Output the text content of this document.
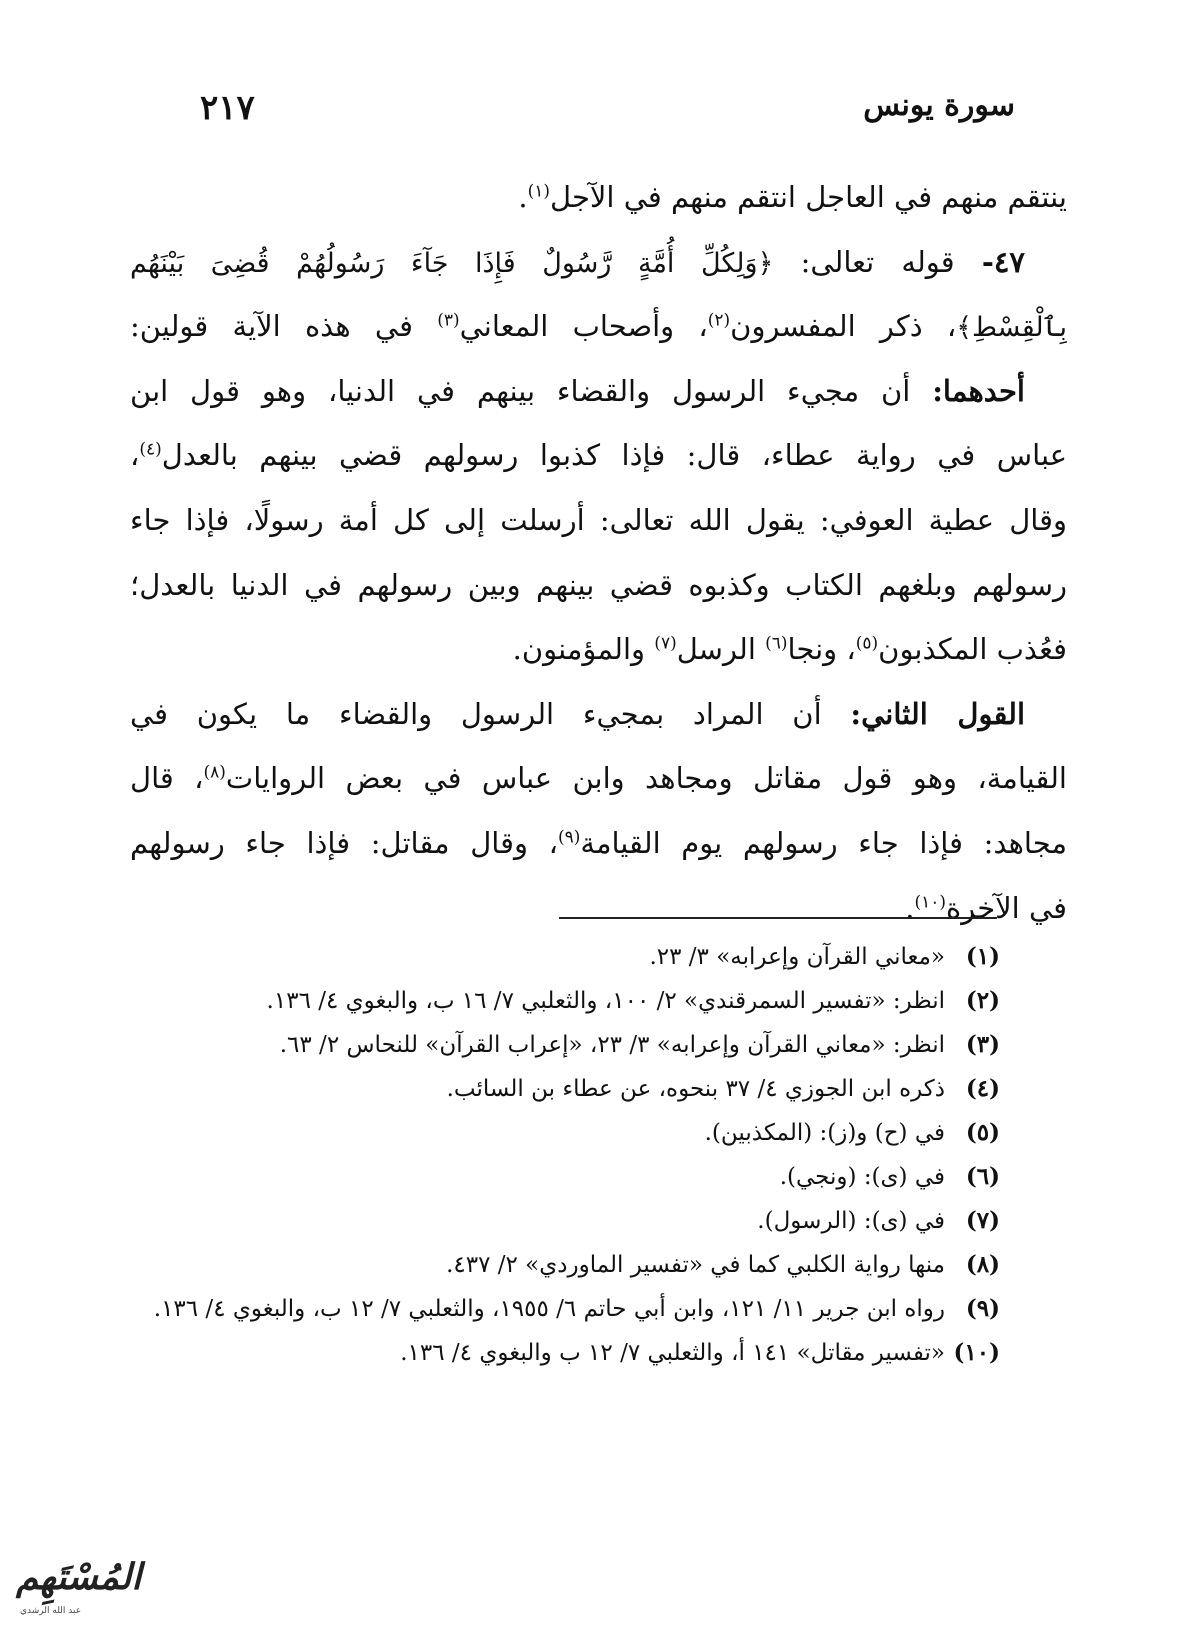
سورة يونس
٢١٧
ينتقم منهم في العاجل انتقم منهم في الآجل$^{(١)}$.
٤٧- قوله تعالى: ﴿وَلِكُلِّ أُمَّةٍ رَّسُولٌ فَإِذَا جَآءَ رَسُولُهُمْ قُضِىَ بَيْنَهُم
بِٱلْقِسْطِ﴾، ذكر المفسرون$^{(٢)}$، وأصحاب المعاني$^{(٣)}$ في هذه الآية قولين:
أحدهما: أن مجيء الرسول والقضاء بينهم في الدنيا، وهو قول ابن
عباس في رواية عطاء، قال: فإذا كذبوا رسولهم قضي بينهم بالعدل$^{(٤)}$،
وقال عطية العوفي: يقول الله تعالى: أرسلت إلى كل أمة رسولًا، فإذا جاء
رسولهم وبلغهم الكتاب وكذبوه قضي بينهم وبين رسولهم في الدنيا بالعدل؛
فعُذب المكذبون$^{(٥)}$، ونجا$^{(٦)}$ الرسل$^{(٧)}$ والمؤمنون.
القول الثاني: أن المراد بمجيء الرسول والقضاء ما يكون في
القيامة، وهو قول مقاتل ومجاهد وابن عباس في بعض الروايات$^{(٨)}$، قال
مجاهد: فإذا جاء رسولهم يوم القيامة$^{(٩)}$، وقال مقاتل: فإذا جاء رسولهم
في الآخرة$^{(١٠)}$.
(١)
«معاني القرآن وإعرابه» ٣/ ٢٣.
(٢)
انظر: «تفسير السمرقندي» ٢/ ١٠٠، والثعلبي ٧/ ١٦ ب، والبغوي ٤/ ١٣٦.
(٣)
انظر: «معاني القرآن وإعرابه» ٣/ ٢٣، «إعراب القرآن» للنحاس ٢/ ٦٣.
(٤)
ذكره ابن الجوزي ٤/ ٣٧ بنحوه، عن عطاء بن السائب.
(٥)
في (ح) و(ز): (المكذبين).
(٦)
في (ى): (ونجي).
(٧)
في (ى): (الرسول).
(٨)
منها رواية الكلبي كما في «تفسير الماوردي» ٢/ ٤٣٧.
(٩)
رواه ابن جرير ١١/ ١٢١، وابن أبي حاتم ٦/ ١٩٥٥، والثعلبي ٧/ ١٢ ب، والبغوي ٤/ ١٣٦.
(١٠)
«تفسير مقاتل» ١٤١ أ، والثعلبي ٧/ ١٢ ب والبغوي ٤/ ١٣٦.
المُسْتَهِم
عبد الله الرشدي
